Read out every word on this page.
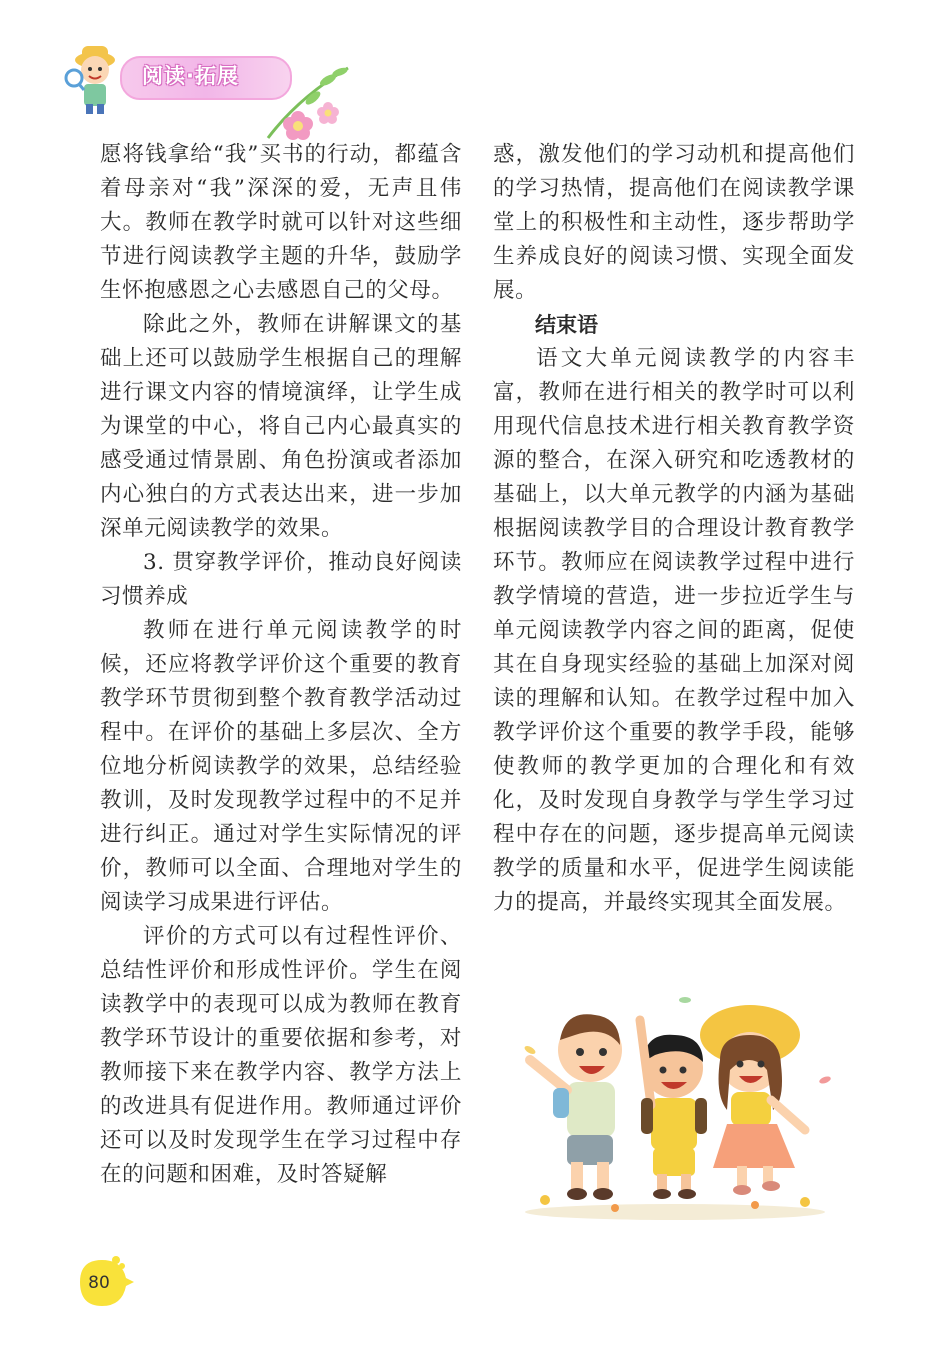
阅读·拓展

愿将钱拿给“我”买书的行动，都蕴含着母亲对“我”深深的爱，无声且伟大。教师在教学时就可以针对这些细节进行阅读教学主题的升华，鼓励学生怀抱感恩之心去感恩自己的父母。

除此之外，教师在讲解课文的基础上还可以鼓励学生根据自己的理解进行课文内容的情境演绎，让学生成为课堂的中心，将自己内心最真实的感受通过情景剧、角色扮演或者添加内心独白的方式表达出来，进一步加深单元阅读教学的效果。

3. 贯穿教学评价，推动良好阅读习惯养成

教师在进行单元阅读教学的时候，还应将教学评价这个重要的教育教学环节贯彻到整个教育教学活动过程中。在评价的基础上多层次、全方位地分析阅读教学的效果，总结经验教训，及时发现教学过程中的不足并进行纠正。通过对学生实际情况的评价，教师可以全面、合理地对学生的阅读学习成果进行评估。

评价的方式可以有过程性评价、总结性评价和形成性评价。学生在阅读教学中的表现可以成为教师在教育教学环节设计的重要依据和参考，对教师接下来在教学内容、教学方法上的改进具有促进作用。教师通过评价还可以及时发现学生在学习过程中存在的问题和困难，及时答疑解

惑，激发他们的学习动机和提高他们的学习热情，提高他们在阅读教学课堂上的积极性和主动性，逐步帮助学生养成良好的阅读习惯、实现全面发展。

结束语

语文大单元阅读教学的内容丰富，教师在进行相关的教学时可以利用现代信息技术进行相关教育教学资源的整合，在深入研究和吃透教材的基础上，以大单元教学的内涵为基础根据阅读教学目的合理设计教育教学环节。教师应在阅读教学过程中进行教学情境的营造，进一步拉近学生与单元阅读教学内容之间的距离，促使其在自身现实经验的基础上加深对阅读的理解和认知。在教学过程中加入教学评价这个重要的教学手段，能够使教师的教学更加的合理化和有效化，及时发现自身教学与学生学习过程中存在的问题，逐步提高单元阅读教学的质量和水平，促进学生阅读能力的提高，并最终实现其全面发展。

80
